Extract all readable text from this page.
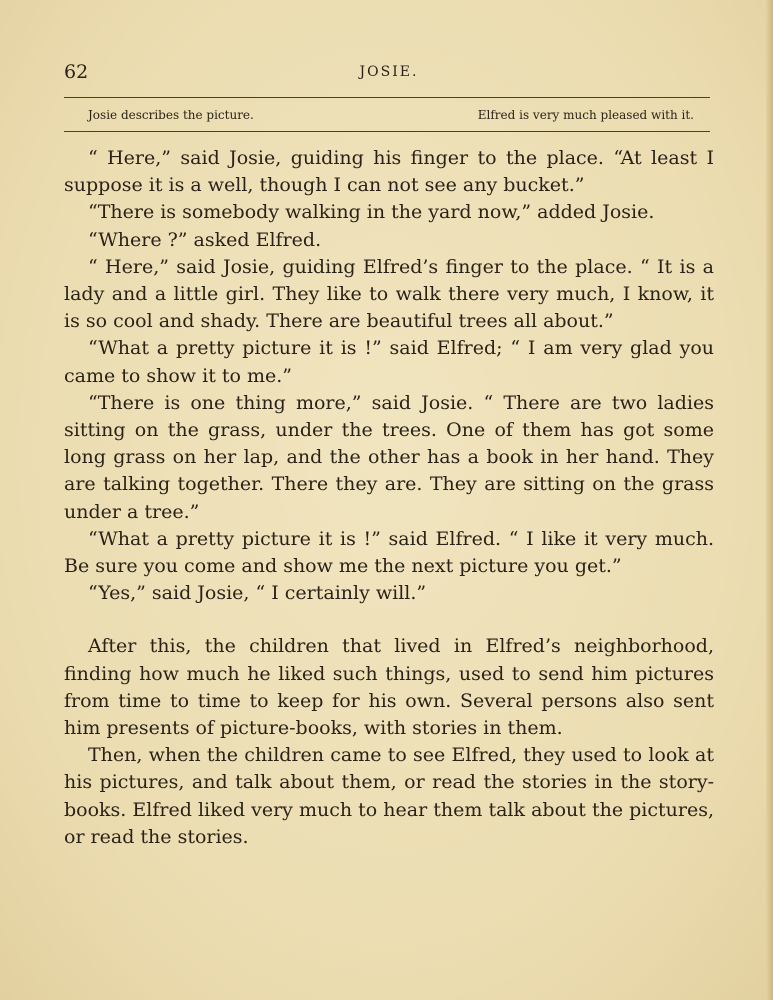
62	JOSIE.
Josie describes the picture.	Elfred is very much pleased with it.

“ Here,” said Josie, guiding his finger to the place. “At least I suppose it is a well, though I can not see any bucket.”

“There is somebody walking in the yard now,” added Josie.

“Where ?” asked Elfred.

“ Here,” said Josie, guiding Elfred’s finger to the place. “ It is a lady and a little girl. They like to walk there very much, I know, it is so cool and shady. There are beautiful trees all about.”

“What a pretty picture it is !” said Elfred; “ I am very glad you came to show it to me.”

“There is one thing more,” said Josie. “ There are two ladies sitting on the grass, under the trees. One of them has got some long grass on her lap, and the other has a book in her hand. They are talking together. There they are. They are sitting on the grass under a tree.”

“What a pretty picture it is !” said Elfred. “ I like it very much. Be sure you come and show me the next picture you get.”

“Yes,” said Josie, “ I certainly will.”

After this, the children that lived in Elfred’s neighborhood, finding how much he liked such things, used to send him pictures from time to time to keep for his own. Several persons also sent him presents of picture-books, with stories in them.

Then, when the children came to see Elfred, they used to look at his pictures, and talk about them, or read the stories in the story-books. Elfred liked very much to hear them talk about the pictures, or read the stories.
